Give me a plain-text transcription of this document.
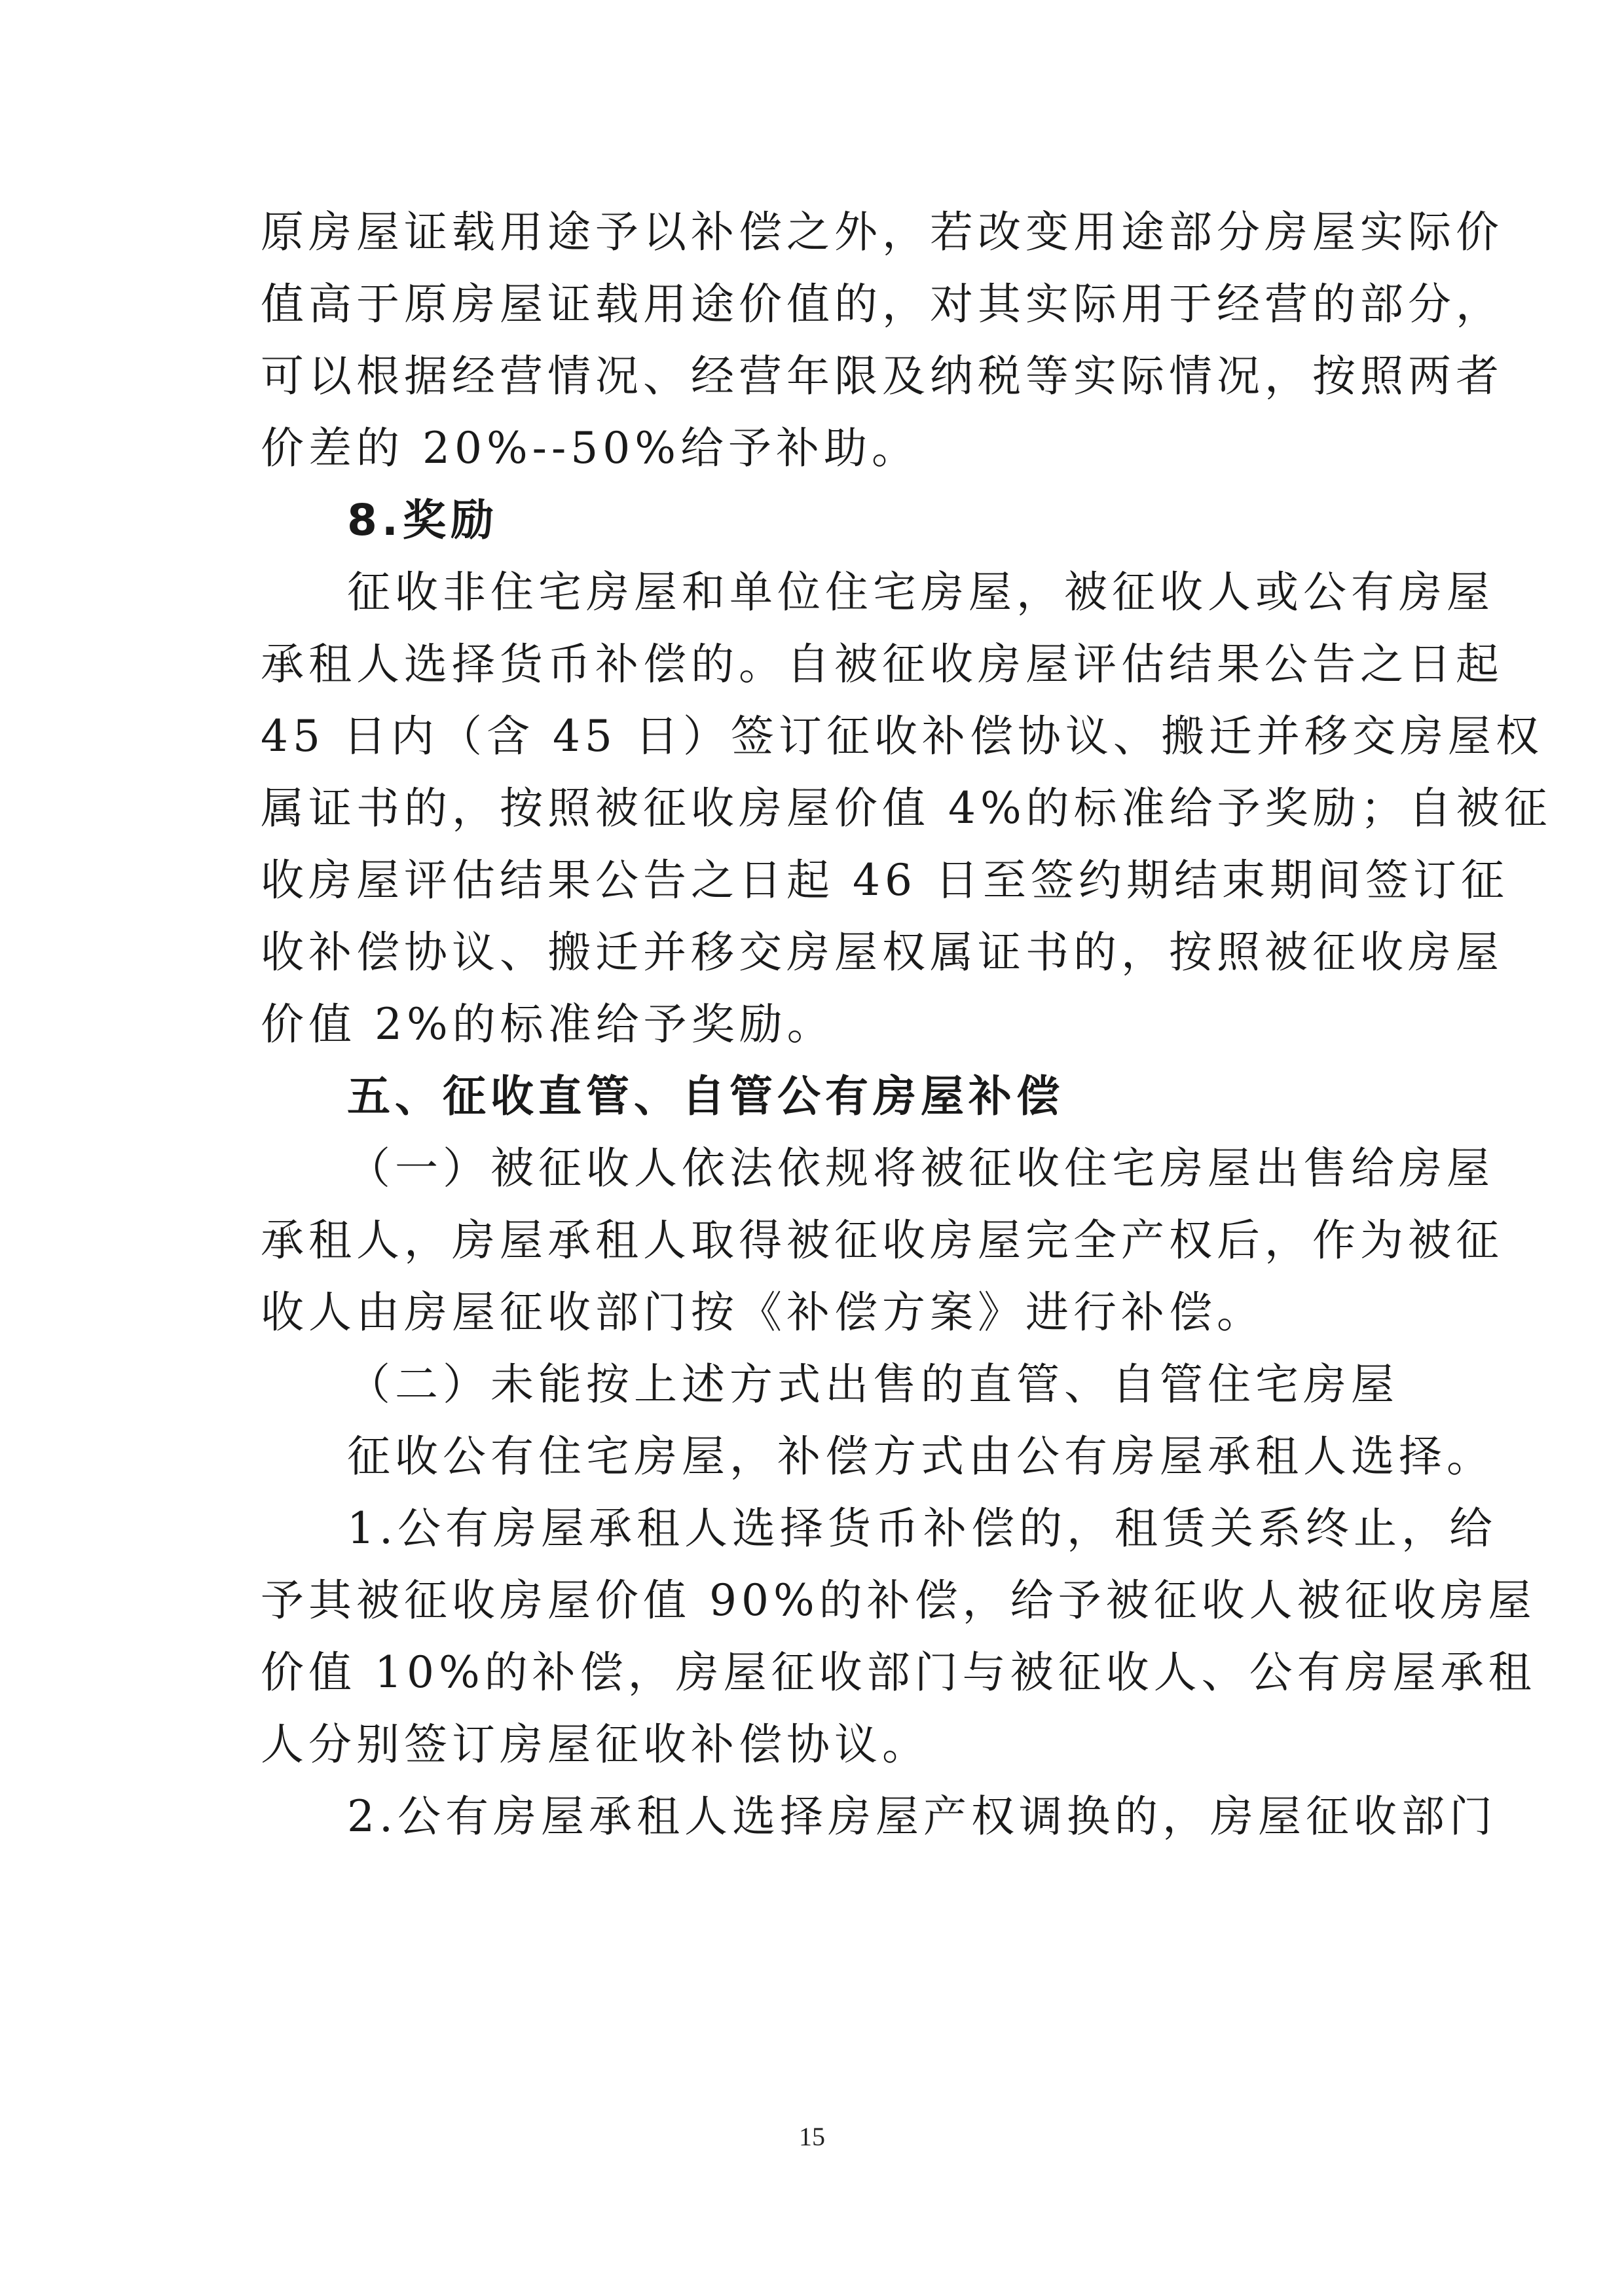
原房屋证载用途予以补偿之外，若改变用途部分房屋实际价
值高于原房屋证载用途价值的，对其实际用于经营的部分，
可以根据经营情况、经营年限及纳税等实际情况，按照两者
价差的 20%--50%给予补助。
8.奖励
征收非住宅房屋和单位住宅房屋，被征收人或公有房屋
承租人选择货币补偿的。自被征收房屋评估结果公告之日起
45 日内（含 45 日）签订征收补偿协议、搬迁并移交房屋权
属证书的，按照被征收房屋价值 4%的标准给予奖励；自被征
收房屋评估结果公告之日起 46 日至签约期结束期间签订征
收补偿协议、搬迁并移交房屋权属证书的，按照被征收房屋
价值 2%的标准给予奖励。
五、征收直管、自管公有房屋补偿
（一）被征收人依法依规将被征收住宅房屋出售给房屋
承租人，房屋承租人取得被征收房屋完全产权后，作为被征
收人由房屋征收部门按《补偿方案》进行补偿。
（二）未能按上述方式出售的直管、自管住宅房屋
征收公有住宅房屋，补偿方式由公有房屋承租人选择。
1.公有房屋承租人选择货币补偿的，租赁关系终止，给
予其被征收房屋价值 90%的补偿，给予被征收人被征收房屋
价值 10%的补偿，房屋征收部门与被征收人、公有房屋承租
人分别签订房屋征收补偿协议。
2.公有房屋承租人选择房屋产权调换的，房屋征收部门
15
